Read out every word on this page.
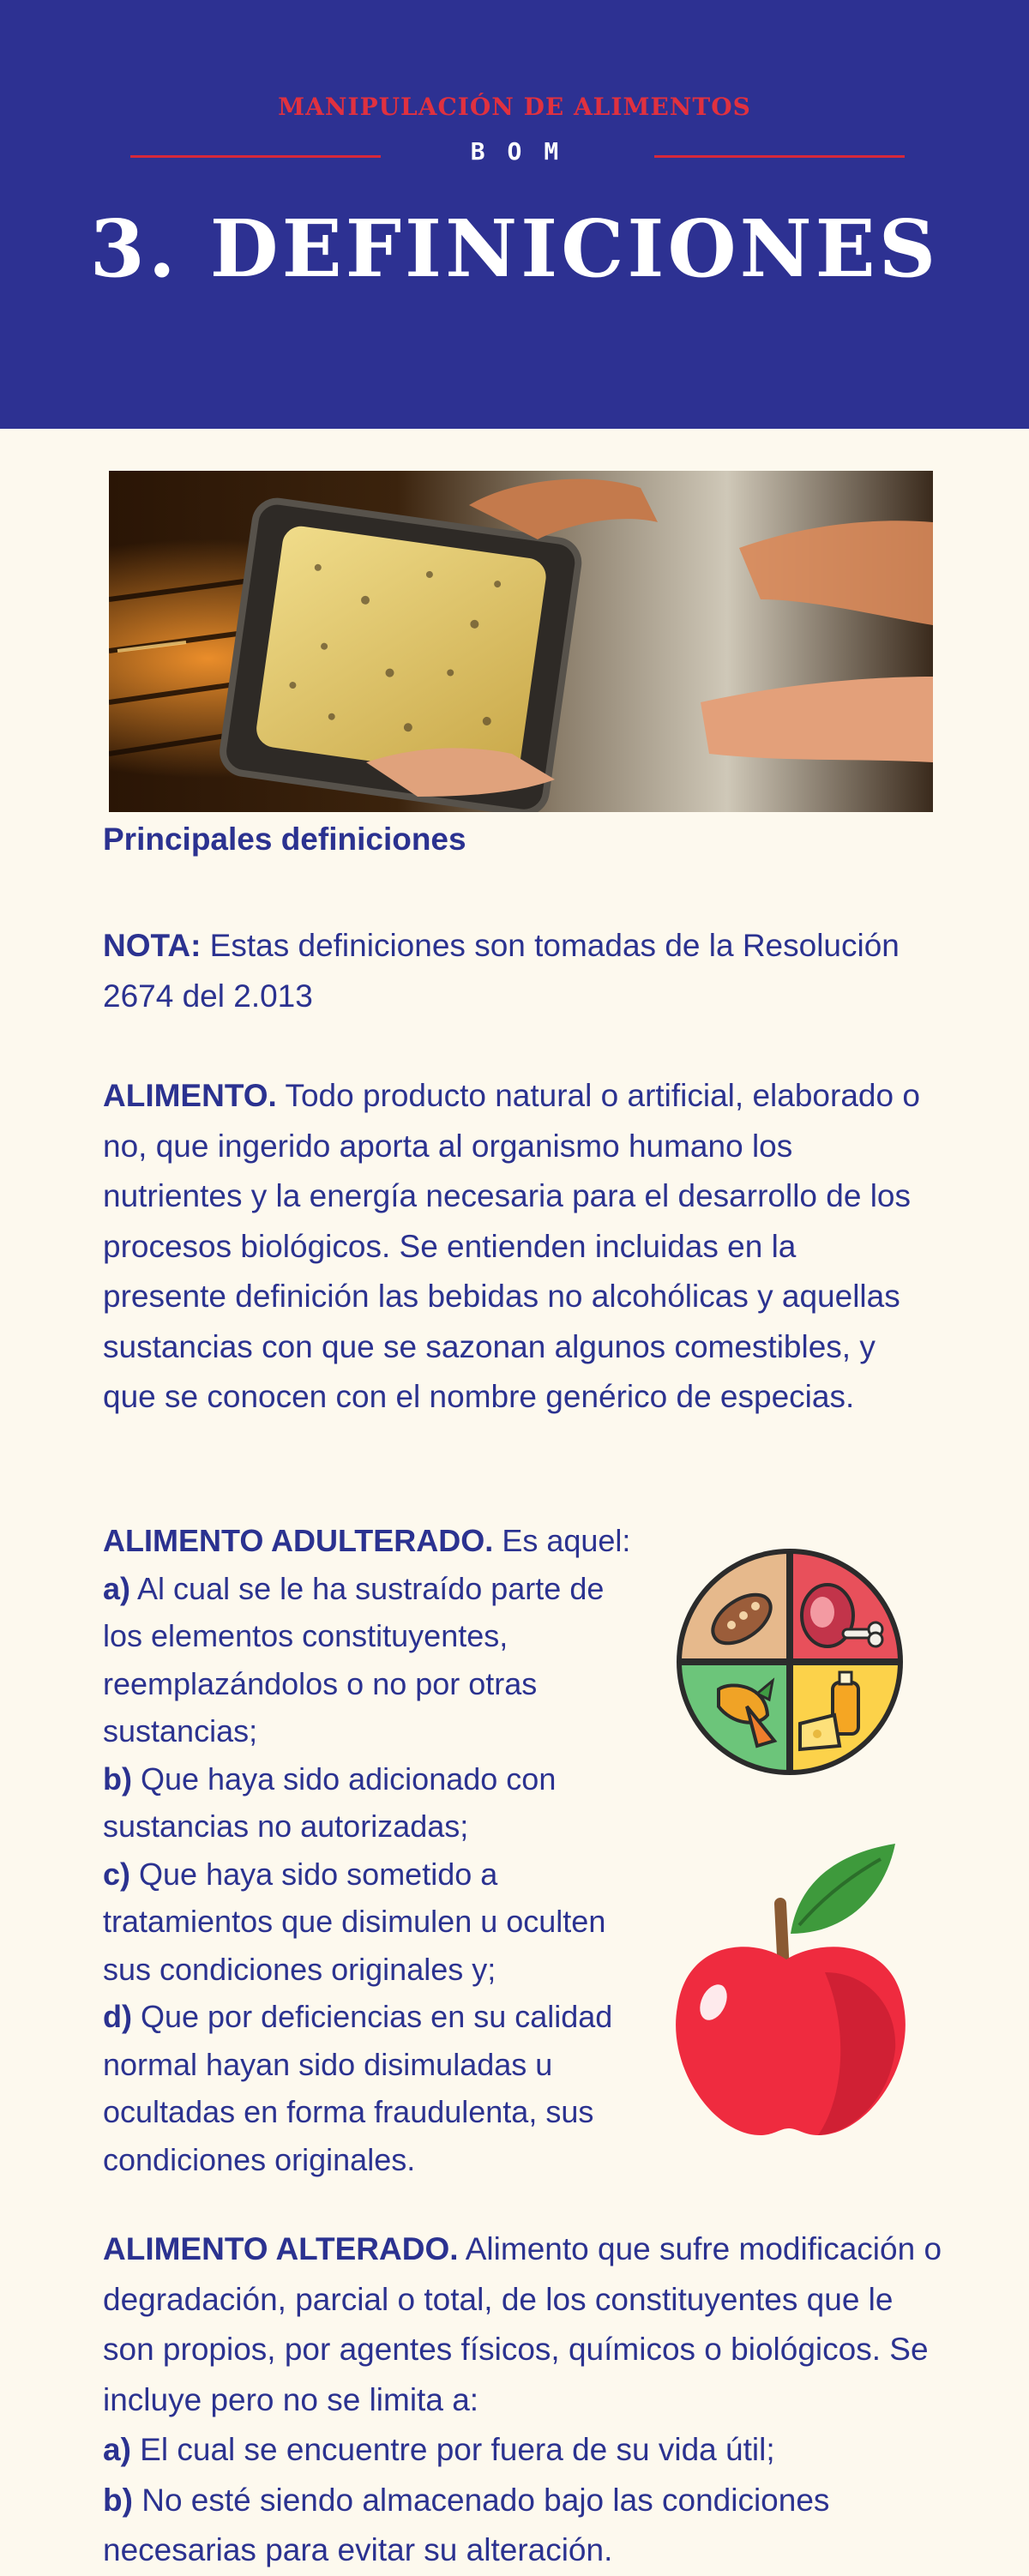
MANIPULACIÓN DE ALIMENTOS
BOM
3. DEFINICIONES
Principales definiciones
NOTA: Estas definiciones son tomadas de la Resolución 2674 del 2.013
ALIMENTO. Todo producto natural o artificial, elaborado o no, que ingerido aporta al organismo humano los nutrientes y la energía necesaria para el desarrollo de los procesos biológicos. Se entienden incluidas en la presente definición las bebidas no alcohólicas y aquellas sustancias con que se sazonan algunos comestibles, y que se conocen con el nombre genérico de especias.
ALIMENTO ADULTERADO. Es aquel:
a) Al cual se le ha sustraído parte de los elementos constituyentes, reemplazándolos o no por otras sustancias;
b) Que haya sido adicionado con sustancias no autorizadas;
c) Que haya sido sometido a tratamientos que disimulen u oculten sus condiciones originales y;
d) Que por deficiencias en su calidad normal hayan sido disimuladas u ocultadas en forma fraudulenta, sus condiciones originales.
ALIMENTO ALTERADO. Alimento que sufre modificación o degradación, parcial o total, de los constituyentes que le son propios, por agentes físicos, químicos o biológicos. Se incluye pero no se limita a:
a) El cual se encuentre por fuera de su vida útil;
b) No esté siendo almacenado bajo las condiciones necesarias para evitar su alteración.
